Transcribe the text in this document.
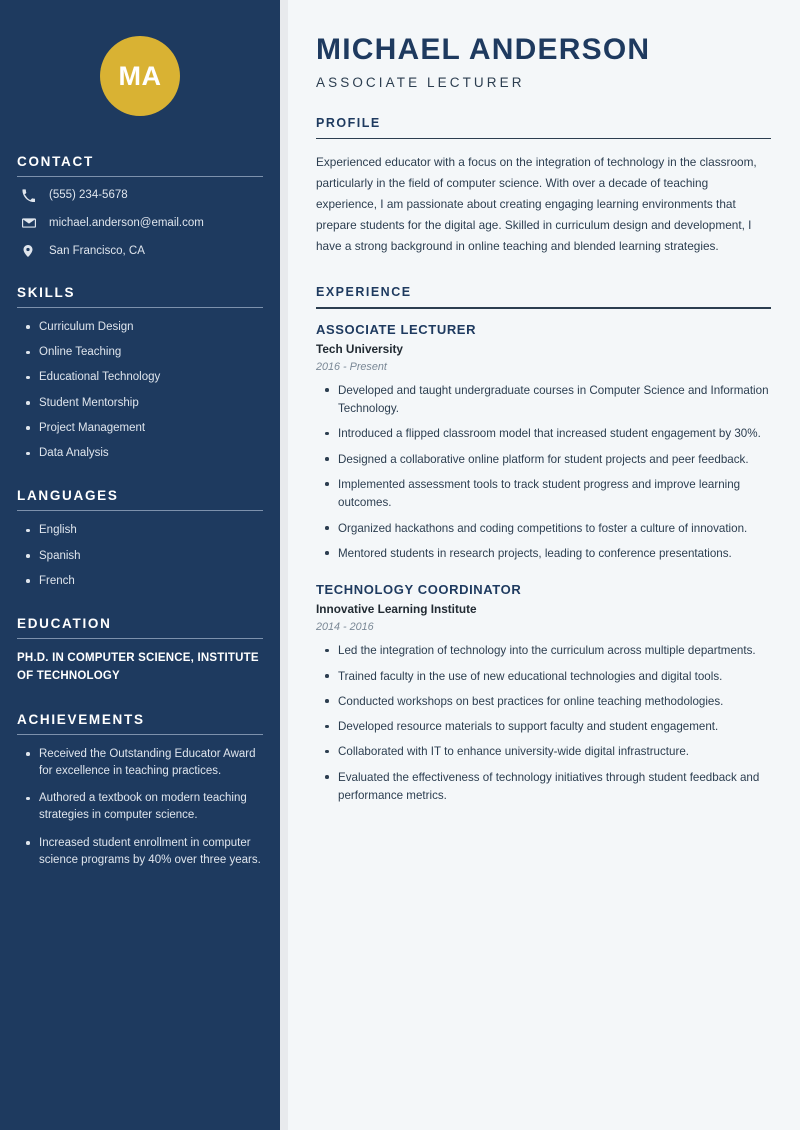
MA
CONTACT
(555) 234-5678
michael.anderson@email.com
San Francisco, CA
SKILLS
Curriculum Design
Online Teaching
Educational Technology
Student Mentorship
Project Management
Data Analysis
LANGUAGES
English
Spanish
French
EDUCATION
PH.D. IN COMPUTER SCIENCE, INSTITUTE OF TECHNOLOGY
ACHIEVEMENTS
Received the Outstanding Educator Award for excellence in teaching practices.
Authored a textbook on modern teaching strategies in computer science.
Increased student enrollment in computer science programs by 40% over three years.
MICHAEL ANDERSON
ASSOCIATE LECTURER
PROFILE

Experienced educator with a focus on the integration of technology in the classroom, particularly in the field of computer science. With over a decade of teaching experience, I am passionate about creating engaging learning environments that prepare students for the digital age. Skilled in curriculum design and development, I have a strong background in online teaching and blended learning strategies.

EXPERIENCE
ASSOCIATE LECTURER
Tech University
2016 - Present
Developed and taught undergraduate courses in Computer Science and Information Technology.
Introduced a flipped classroom model that increased student engagement by 30%.
Designed a collaborative online platform for student projects and peer feedback.
Implemented assessment tools to track student progress and improve learning outcomes.
Organized hackathons and coding competitions to foster a culture of innovation.
Mentored students in research projects, leading to conference presentations.
TECHNOLOGY COORDINATOR
Innovative Learning Institute
2014 - 2016
Led the integration of technology into the curriculum across multiple departments.
Trained faculty in the use of new educational technologies and digital tools.
Conducted workshops on best practices for online teaching methodologies.
Developed resource materials to support faculty and student engagement.
Collaborated with IT to enhance university-wide digital infrastructure.
Evaluated the effectiveness of technology initiatives through student feedback and performance metrics.
